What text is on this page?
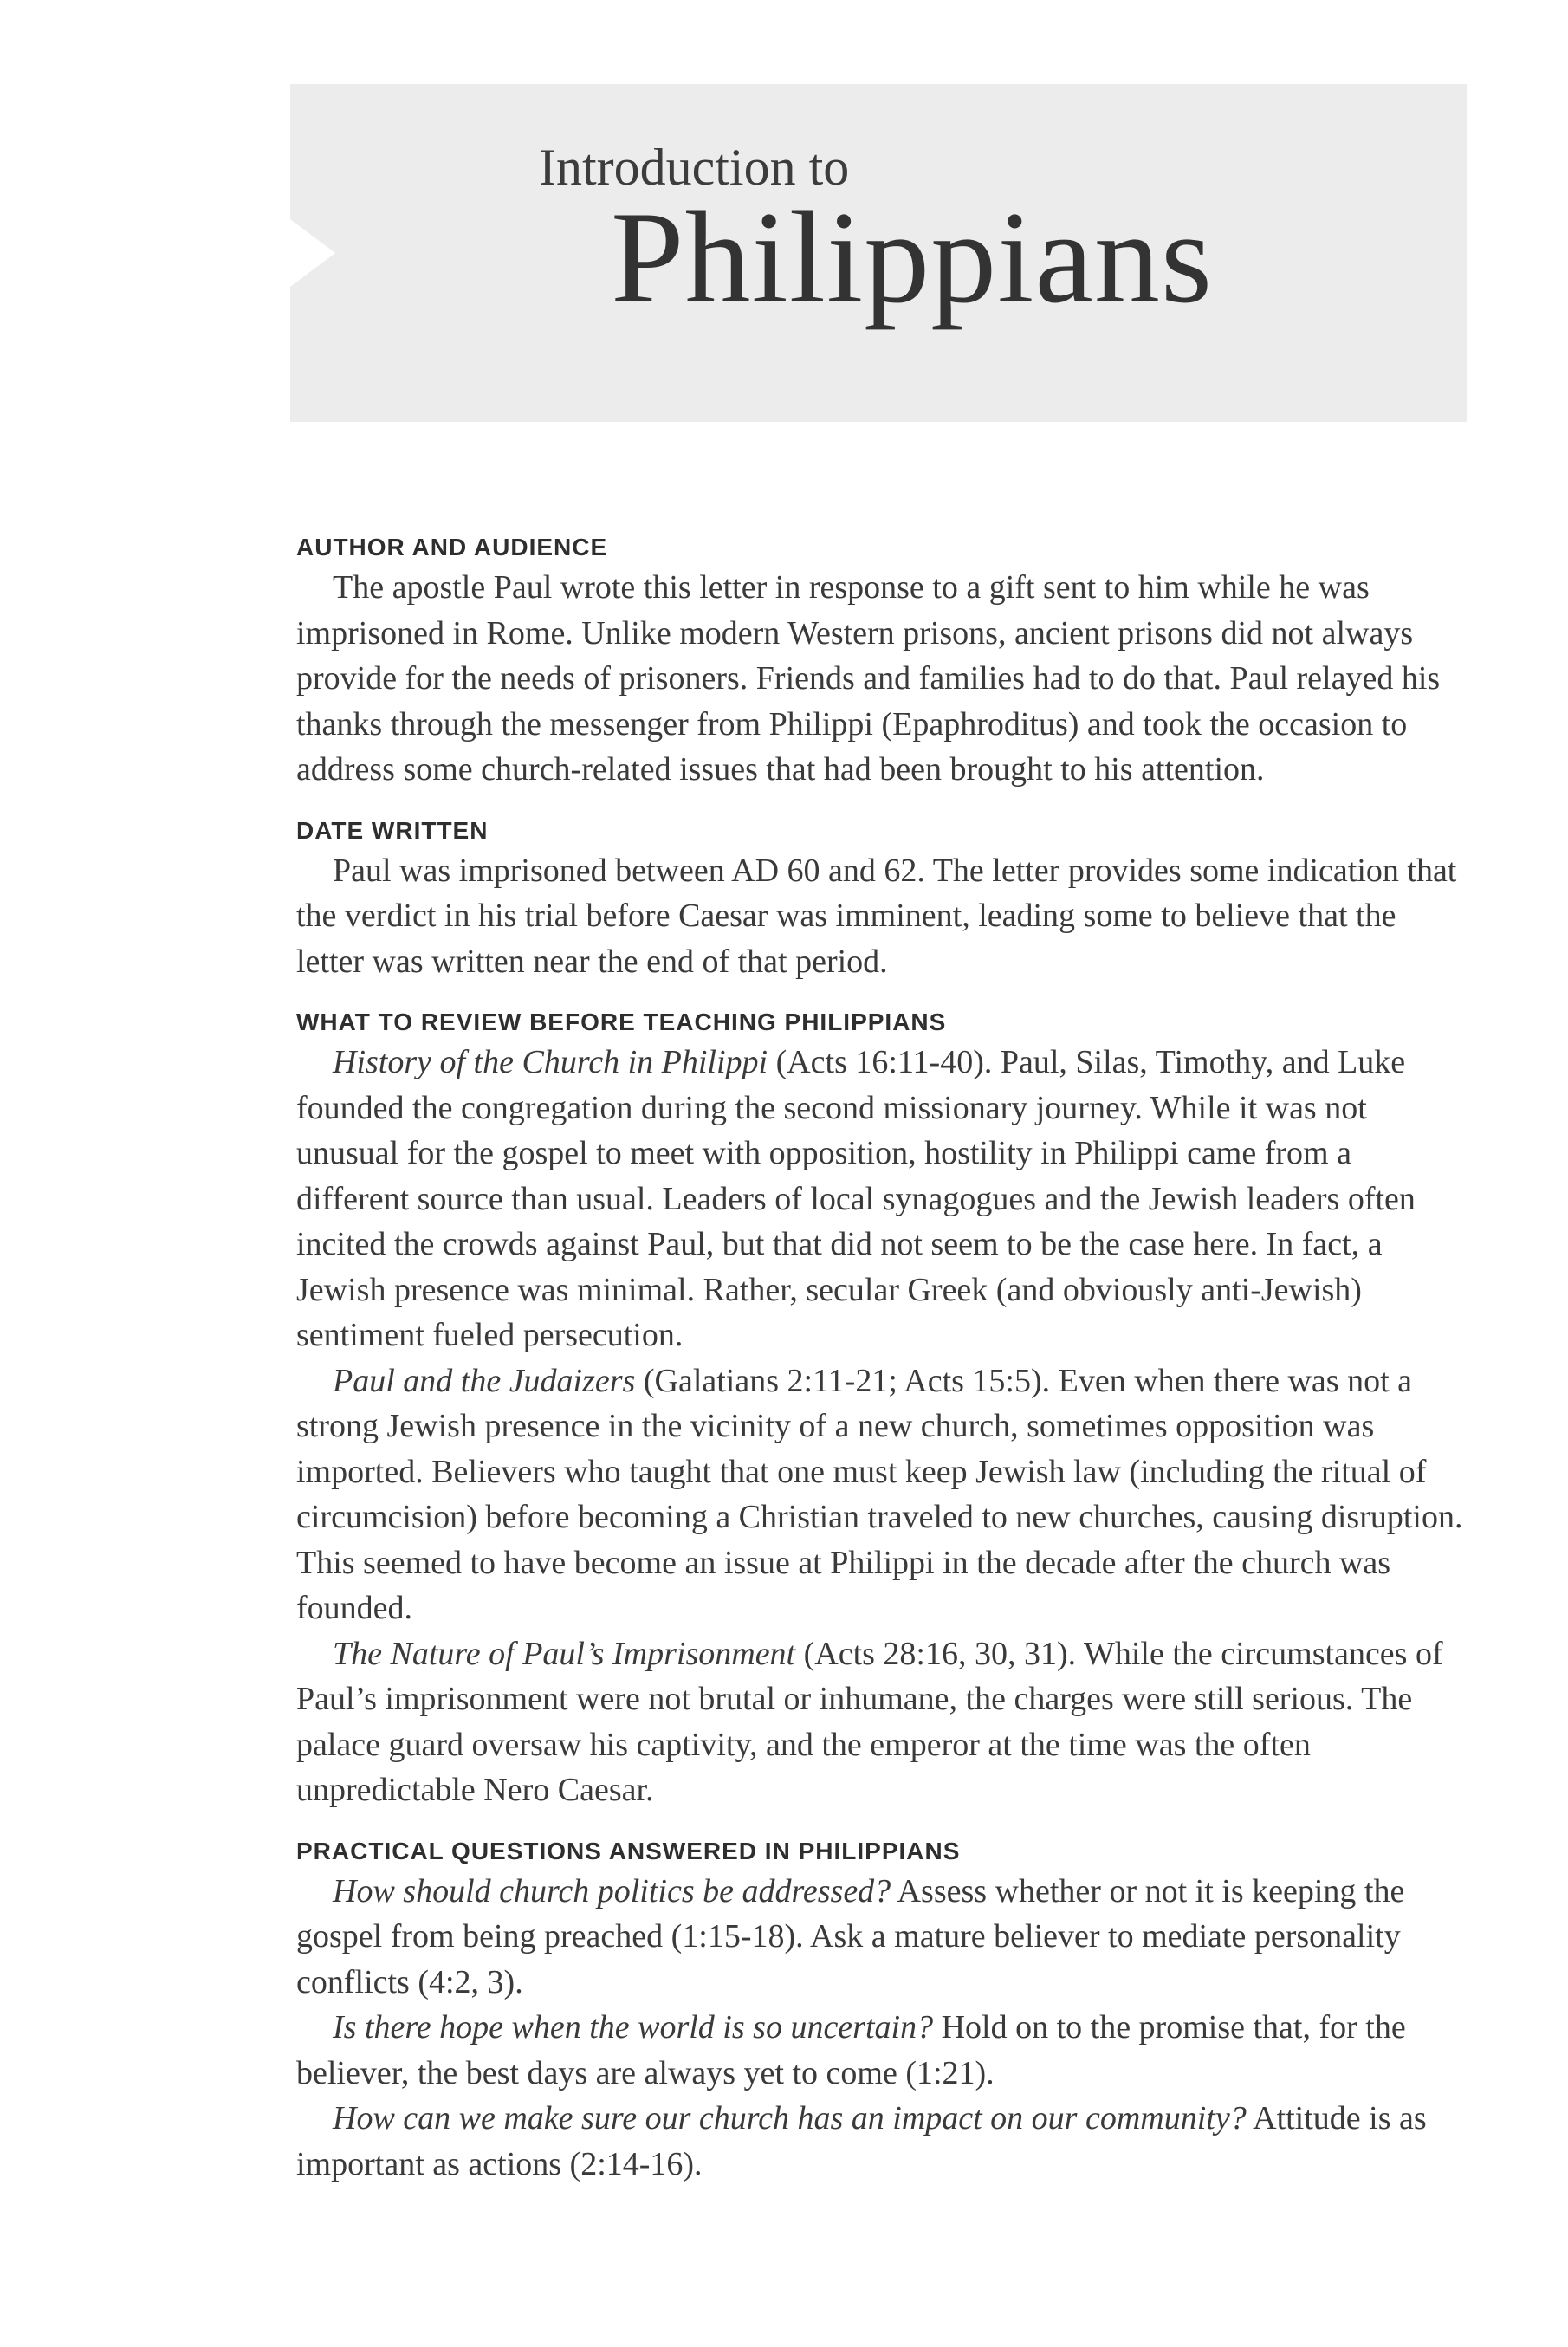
Introduction to
Philippians
AUTHOR AND AUDIENCE

The apostle Paul wrote this letter in response to a gift sent to him while he was imprisoned in Rome. Unlike modern Western prisons, ancient prisons did not always provide for the needs of prisoners. Friends and families had to do that. Paul relayed his thanks through the messenger from Philippi (Epaphroditus) and took the occasion to address some church-related issues that had been brought to his attention.

DATE WRITTEN

Paul was imprisoned between AD 60 and 62. The letter provides some indication that the verdict in his trial before Caesar was imminent, leading some to believe that the letter was written near the end of that period.

WHAT TO REVIEW BEFORE TEACHING PHILIPPIANS

History of the Church in Philippi (Acts 16:11-40). Paul, Silas, Timothy, and Luke founded the congregation during the second missionary journey. While it was not unusual for the gospel to meet with opposition, hostility in Philippi came from a different source than usual. Leaders of local synagogues and the Jewish leaders often incited the crowds against Paul, but that did not seem to be the case here. In fact, a Jewish presence was minimal. Rather, secular Greek (and obviously anti-Jewish) sentiment fueled persecution.

Paul and the Judaizers (Galatians 2:11-21; Acts 15:5). Even when there was not a strong Jewish presence in the vicinity of a new church, sometimes opposition was imported. Believers who taught that one must keep Jewish law (including the ritual of circumcision) before becoming a Christian traveled to new churches, causing disruption. This seemed to have become an issue at Philippi in the decade after the church was founded.

The Nature of Paul’s Imprisonment (Acts 28:16, 30, 31). While the circumstances of Paul’s imprisonment were not brutal or inhumane, the charges were still serious. The palace guard oversaw his captivity, and the emperor at the time was the often unpredictable Nero Caesar.

PRACTICAL QUESTIONS ANSWERED IN PHILIPPIANS

How should church politics be addressed? Assess whether or not it is keeping the gospel from being preached (1:15-18). Ask a mature believer to mediate personality conflicts (4:2, 3).

Is there hope when the world is so uncertain? Hold on to the promise that, for the believer, the best days are always yet to come (1:21).

How can we make sure our church has an impact on our community? Attitude is as important as actions (2:14-16).
